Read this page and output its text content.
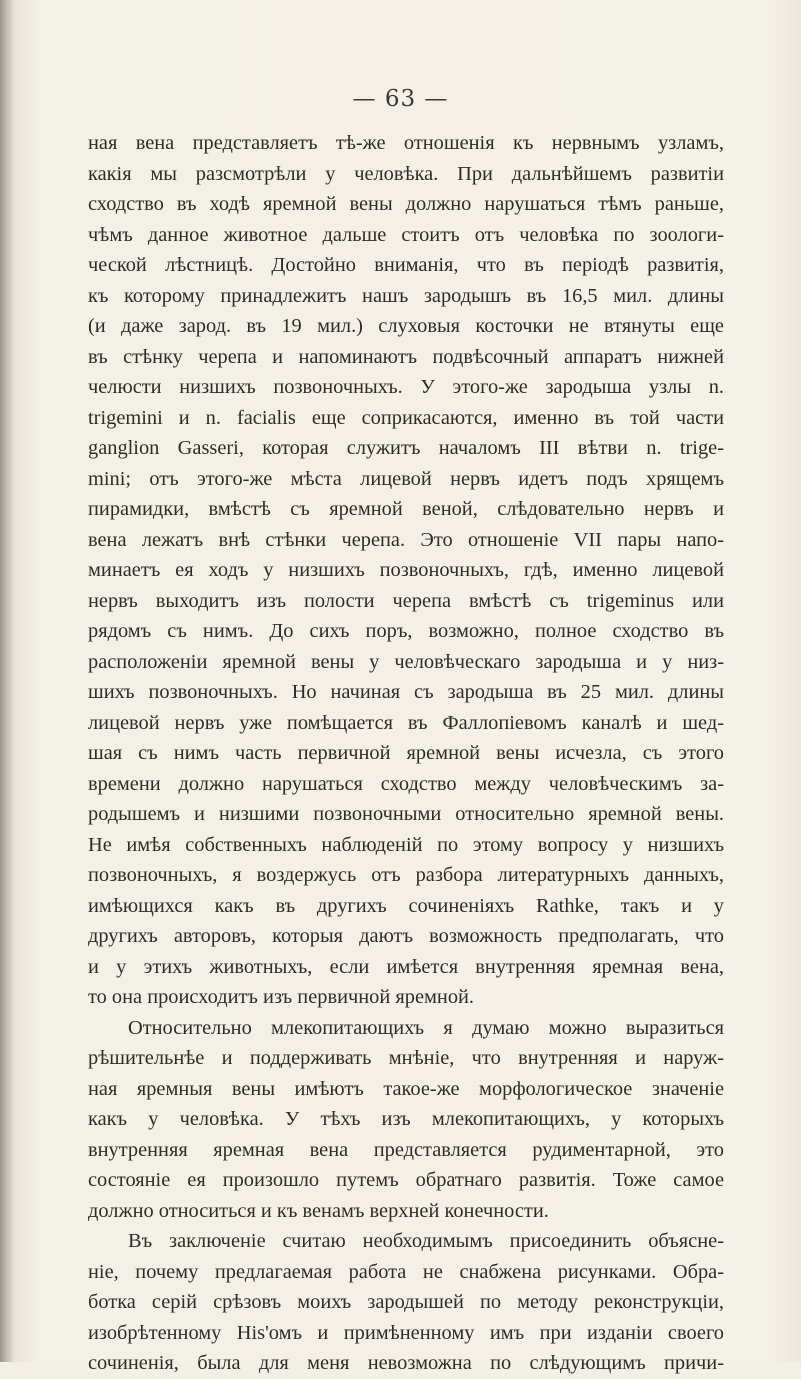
— 63 —
ная вена представляетъ тѣ-же отношенія къ нервнымъ узламъ,
какія мы разсмотрѣли у человѣка. При дальнѣйшемъ развитіи
сходство въ ходѣ яремной вены должно нарушаться тѣмъ раньше,
чѣмъ данное животное дальше стоитъ отъ человѣка по зоологи-
ческой лѣстницѣ. Достойно вниманія, что въ періодѣ развитія,
къ которому принадлежитъ нашъ зародышъ въ 16,5 мил. длины
(и даже зарод. въ 19 мил.) слуховыя косточки не втянуты еще
въ стѣнку черепа и напоминаютъ подвѣсочный аппаратъ нижней
челюсти низшихъ позвоночныхъ. У этого-же зародыша узлы n.
trigemini и n. facialis еще соприкасаются, именно въ той части
ganglion Gasseri, которая служитъ началомъ III вѣтви n. trige-
mini; отъ этого-же мѣста лицевой нервъ идетъ подъ хрящемъ
пирамидки, вмѣстѣ съ яремной веной, слѣдовательно нервъ и
вена лежатъ внѣ стѣнки черепа. Это отношеніе VII пары напо-
минаетъ ея ходъ у низшихъ позвоночныхъ, гдѣ, именно лицевой
нервъ выходитъ изъ полости черепа вмѣстѣ съ trigeminus или
рядомъ съ нимъ. До сихъ поръ, возможно, полное сходство въ
расположеніи яремной вены у человѣческаго зародыша и у низ-
шихъ позвоночныхъ. Но начиная съ зародыша въ 25 мил. длины
лицевой нервъ уже помѣщается въ Фаллопіевомъ каналѣ и шед-
шая съ нимъ часть первичной яремной вены исчезла, съ этого
времени должно нарушаться сходство между человѣческимъ за-
родышемъ и низшими позвоночными относительно яремной вены.
Не имѣя собственныхъ наблюденій по этому вопросу у низшихъ
позвоночныхъ, я воздержусь отъ разбора литературныхъ данныхъ,
имѣющихся какъ въ другихъ сочиненіяхъ Rathke, такъ и у
другихъ авторовъ, которыя даютъ возможность предполагать, что
и у этихъ животныхъ, если имѣется внутренняя яремная вена,
то она происходитъ изъ первичной яремной.
Относительно млекопитающихъ я думаю можно выразиться
рѣшительнѣе и поддерживать мнѣніе, что внутренняя и наруж-
ная яремныя вены имѣютъ такое-же морфологическое значеніе
какъ у человѣка. У тѣхъ изъ млекопитающихъ, у которыхъ
внутренняя яремная вена представляется рудиментарной, это
состояніе ея произошло путемъ обратнаго развитія. Тоже самое
должно относиться и къ венамъ верхней конечности.
Въ заключеніе считаю необходимымъ присоединить объясне-
ніе, почему предлагаемая работа не снабжена рисунками. Обра-
ботка серій срѣзовъ моихъ зародышей по методу реконструкціи,
изобрѣтенному His'омъ и примѣненному имъ при изданіи своего
сочиненія, была для меня невозможна по слѣдующимъ причи-
